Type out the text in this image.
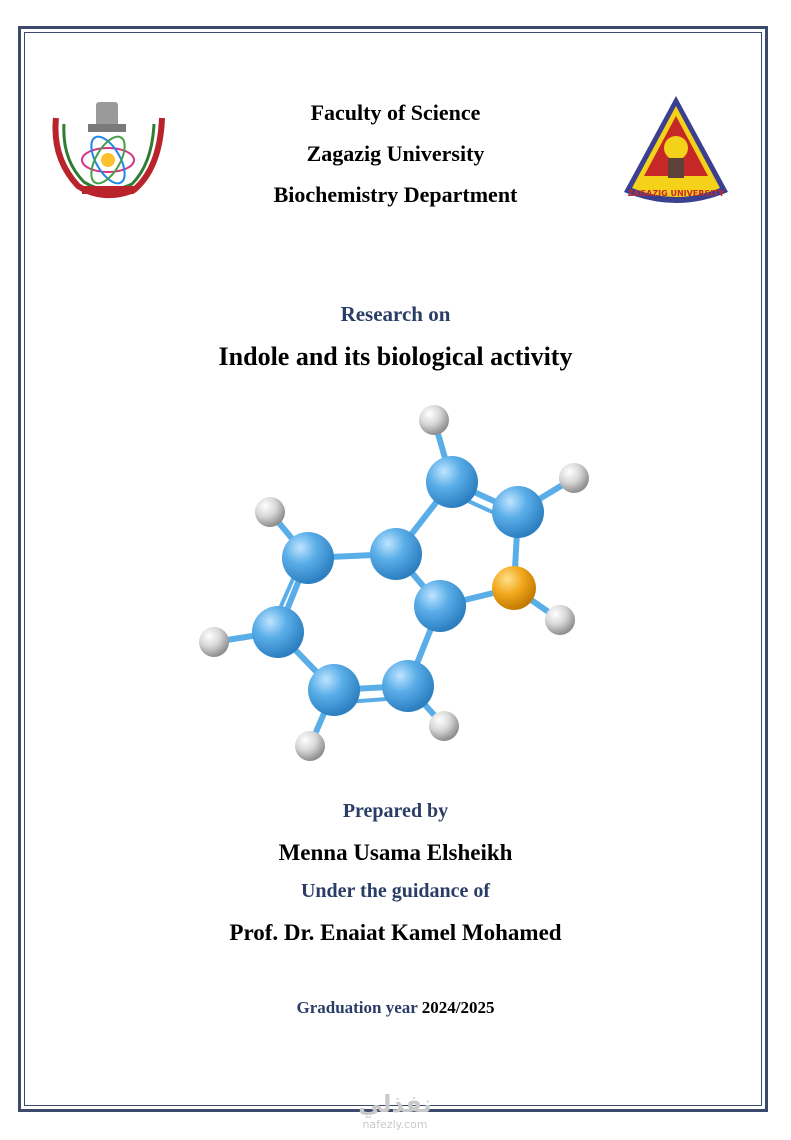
ZAGAZIG UNIVERSITY
Faculty of Science
Zagazig University
Biochemistry Department
Research on
Indole and its biological activity
Prepared by
Menna Usama Elsheikh
Under the guidance of
Prof. Dr. Enaiat Kamel Mohamed
Graduation year 2024/2025
نفذلي
nafezly.com
